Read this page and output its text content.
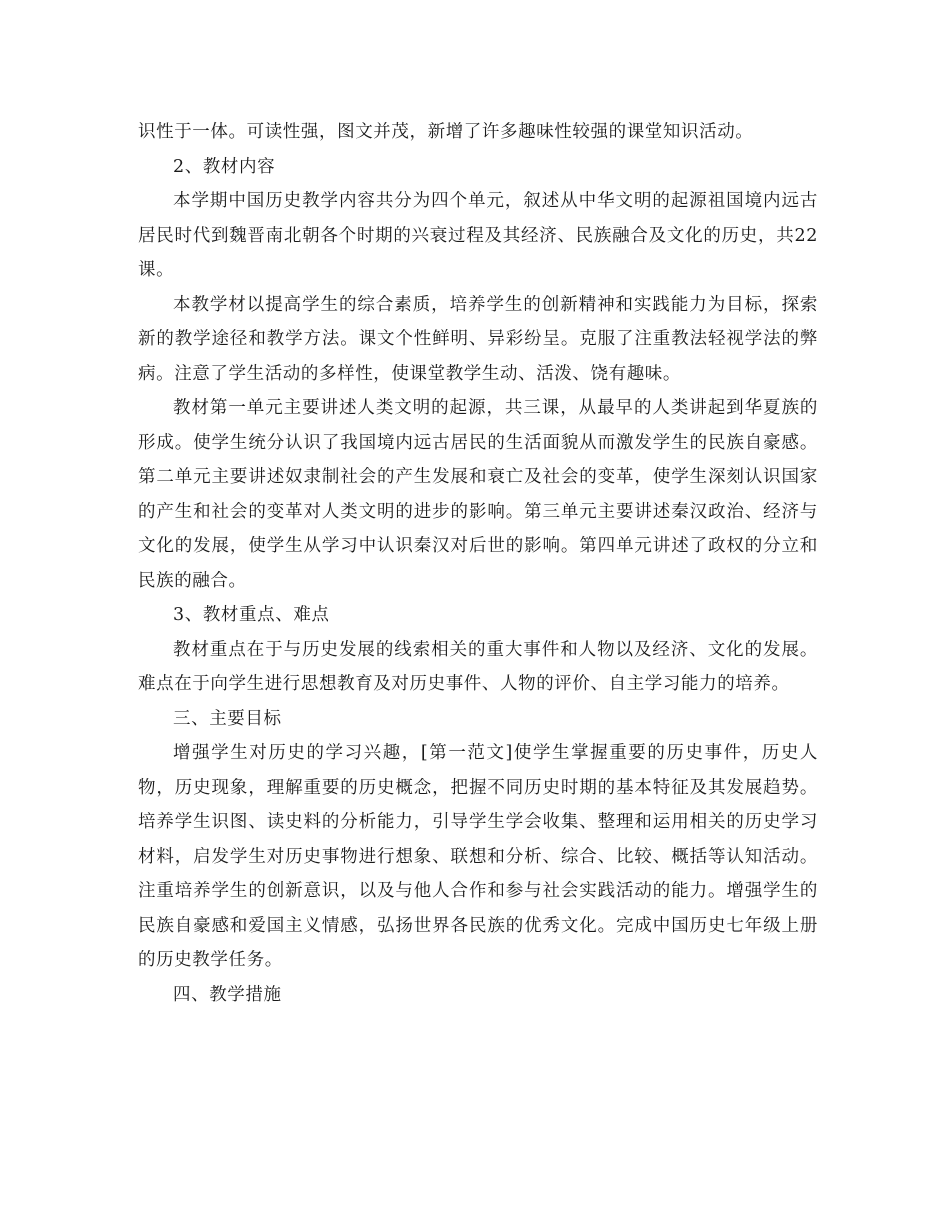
识性于一体。可读性强，图文并茂，新增了许多趣味性较强的课堂知识活动。

2、教材内容

本学期中国历史教学内容共分为四个单元，叙述从中华文明的起源祖国境内远古居民时代到魏晋南北朝各个时期的兴衰过程及其经济、民族融合及文化的历史，共22课。

本教学材以提高学生的综合素质，培养学生的创新精神和实践能力为目标，探索新的教学途径和教学方法。课文个性鲜明、异彩纷呈。克服了注重教法轻视学法的弊病。注意了学生活动的多样性，使课堂教学生动、活泼、饶有趣味。

教材第一单元主要讲述人类文明的起源，共三课，从最早的人类讲起到华夏族的形成。使学生统分认识了我国境内远古居民的生活面貌从而激发学生的民族自豪感。第二单元主要讲述奴隶制社会的产生发展和衰亡及社会的变革，使学生深刻认识国家的产生和社会的变革对人类文明的进步的影响。第三单元主要讲述秦汉政治、经济与文化的发展，使学生从学习中认识秦汉对后世的影响。第四单元讲述了政权的分立和民族的融合。

3、教材重点、难点

教材重点在于与历史发展的线索相关的重大事件和人物以及经济、文化的发展。难点在于向学生进行思想教育及对历史事件、人物的评价、自主学习能力的培养。

三、主要目标

增强学生对历史的学习兴趣，[第一范文]使学生掌握重要的历史事件，历史人物，历史现象，理解重要的历史概念，把握不同历史时期的基本特征及其发展趋势。培养学生识图、读史料的分析能力，引导学生学会收集、整理和运用相关的历史学习材料，启发学生对历史事物进行想象、联想和分析、综合、比较、概括等认知活动。注重培养学生的创新意识，以及与他人合作和参与社会实践活动的能力。增强学生的民族自豪感和爱国主义情感，弘扬世界各民族的优秀文化。完成中国历史七年级上册的历史教学任务。

四、教学措施
